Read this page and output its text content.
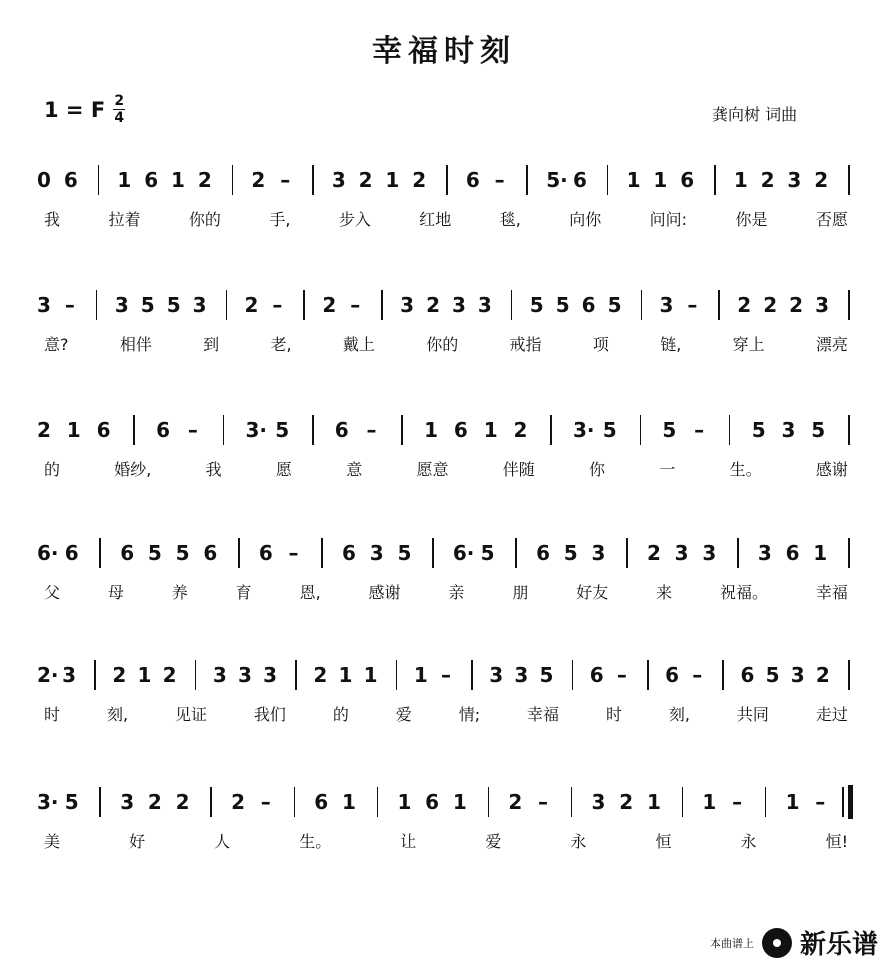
幸福时刻
1 = F $\frac{2}{4}$	龚向树 词曲
0 6 1 6 1 2 2 – 3 2 1 2 6 – 5· 6 1 1 6 1 2 3 2
我	拉着	你的	手,	步入	红地	毯,	向你	问问:	你是	否愿
3 – 3 5 5 3 2 – 2 – 3 2 3 3 5 5 6 5 3 – 2 2 2 3
意?	相伴	到	老,	戴上	你的	戒指	项	链,	穿上	漂亮
2 1 6 6 – 3· 5 6 – 1 6 1 2 3· 5 5 – 5 3 5
的	婚纱,	我	愿	意	愿意	伴随	你	一	生。	感谢
6· 6 6 5 5 6 6 – 6 3 5 6· 5 6 5 3 2 3 3 3 6 1
父	母	养	育	恩,	感谢	亲	朋	好友	来	祝福。	幸福
2· 3 2 1 2 3 3 3 2 1 1 1 – 3 3 5 6 – 6 – 6 5 3 2
时	刻,	见证	我们	的	爱	情;	幸福	时	刻,	共同	走过
3· 5 3 2 2 2 – 6 1 1 6 1 2 – 3 2 1 1 – 1 –
美	好	人	生。	让	爱	永	恒	永	恒!
本曲谱上 新乐谱
